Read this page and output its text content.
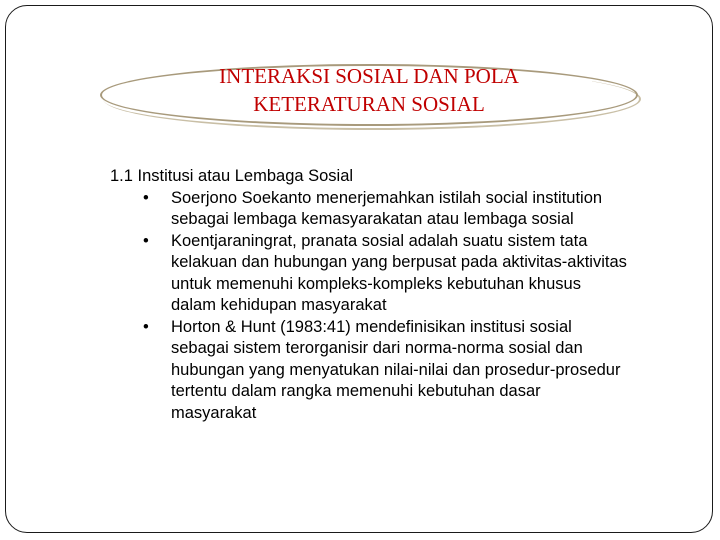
INTERAKSI SOSIAL DAN POLA
KETERATURAN SOSIAL

1.1 Institusi atau Lembaga Sosial

• Soerjono Soekanto menerjemahkan istilah social institution sebagai lembaga kemasyarakatan atau lembaga sosial
• Koentjaraningrat, pranata sosial adalah suatu sistem tata kelakuan dan hubungan yang berpusat pada aktivitas-aktivitas untuk memenuhi kompleks-kompleks kebutuhan khusus dalam kehidupan masyarakat
• Horton & Hunt (1983:41) mendefinisikan institusi sosial sebagai sistem terorganisir dari norma-norma sosial dan hubungan yang menyatukan nilai-nilai dan prosedur-prosedur tertentu dalam rangka memenuhi kebutuhan dasar masyarakat
